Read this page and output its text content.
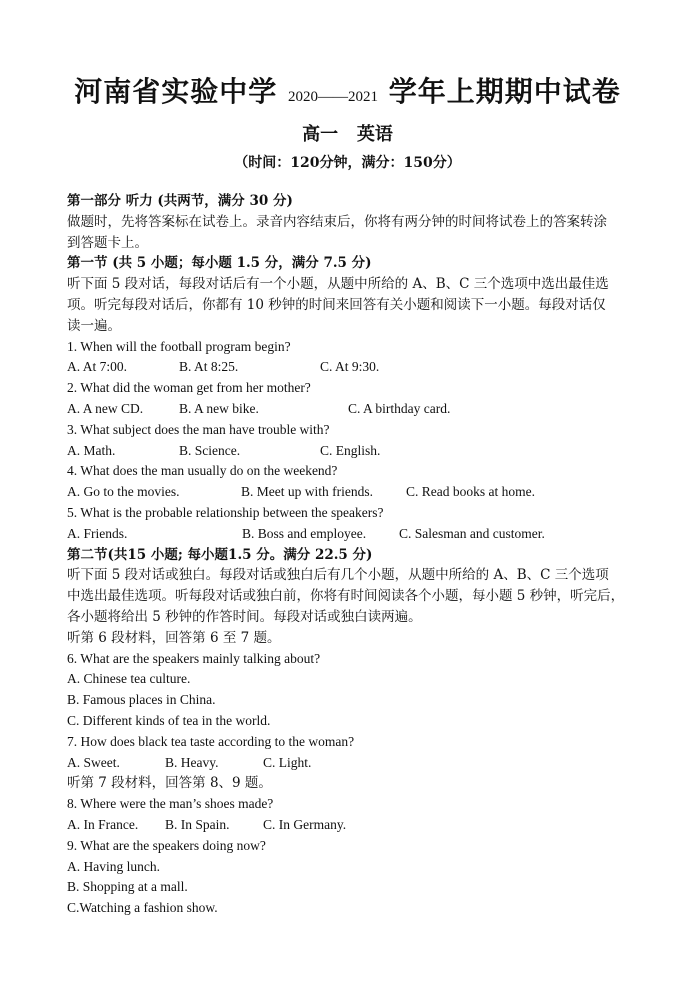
河南省实验中学 2020——2021 学年上期期中试卷
高一   英语
（时间：120分钟，满分：150分）
第一部分 听力 (共两节，满分 30 分)
做题时，先将答案标在试卷上。录音内容结束后，你将有两分钟的时间将试卷上的答案转涂
到答题卡上。
第一节 (共 5 小题；每小题 1.5 分，满分 7.5 分)
听下面 5 段对话，每段对话后有一个小题，从题中所给的 A、B、C 三个选项中选出最佳选
项。听完每段对话后，你都有 10 秒钟的时间来回答有关小题和阅读下一小题。每段对话仅
读一遍。
1. When will the football program begin?
A. At 7:00.	B. At 8:25.	C. At 9:30.
2. What did the woman get from her mother?
A. A new CD.	B. A new bike.	C. A birthday card.
3. What subject does the man have trouble with?
A. Math.	B. Science.	C. English.
4. What does the man usually do on the weekend?
A. Go to the movies.	B. Meet up with friends. C. Read books at home.
5. What is the probable relationship between the speakers?
A. Friends.	B. Boss and employee. C. Salesman and customer.
第二节(共15 小题; 每小题1.5 分。满分 22.5 分)
听下面 5 段对话或独白。每段对话或独白后有几个小题，从题中所给的 A、B、C 三个选项
中选出最佳选项。听每段对话或独白前，你将有时间阅读各个小题，每小题 5 秒钟，听完后，
各小题将给出 5 秒钟的作答时间。每段对话或独白读两遍。
听第 6 段材料，回答第 6 至 7 题。
6. What are the speakers mainly talking about?
A. Chinese tea culture.
B. Famous places in China.
C. Different kinds of tea in the world.
7. How does black tea taste according to the woman?
A. Sweet.	B. Heavy.	C. Light.
听第 7 段材料，回答第 8、9 题。
8. Where were the man’s shoes made?
A. In France. B. In Spain. C. In Germany.
9. What are the speakers doing now?
A. Having lunch.
B. Shopping at a mall.
C.Watching a fashion show.
